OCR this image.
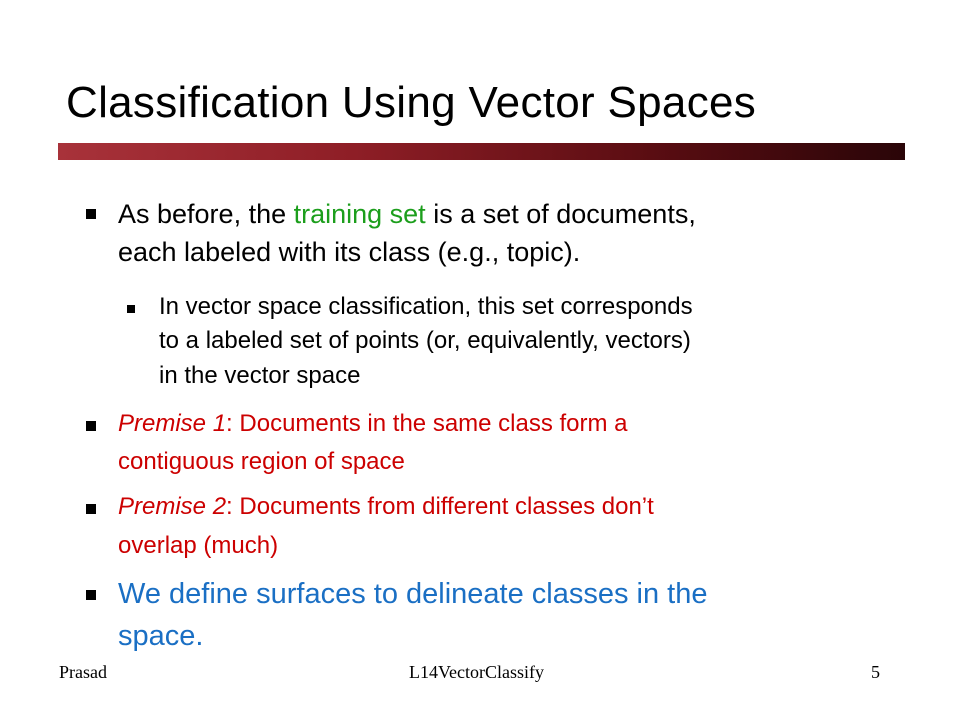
Classification Using Vector Spaces
As before, the training set is a set of documents,
each labeled with its class (e.g., topic).
In vector space classification, this set corresponds
to a labeled set of points (or, equivalently, vectors)
in the vector space
Premise 1: Documents in the same class form a
contiguous region of space
Premise 2: Documents from different classes don’t
overlap (much)
We define surfaces to delineate classes in the
space.
Prasad	L14VectorClassify	5
